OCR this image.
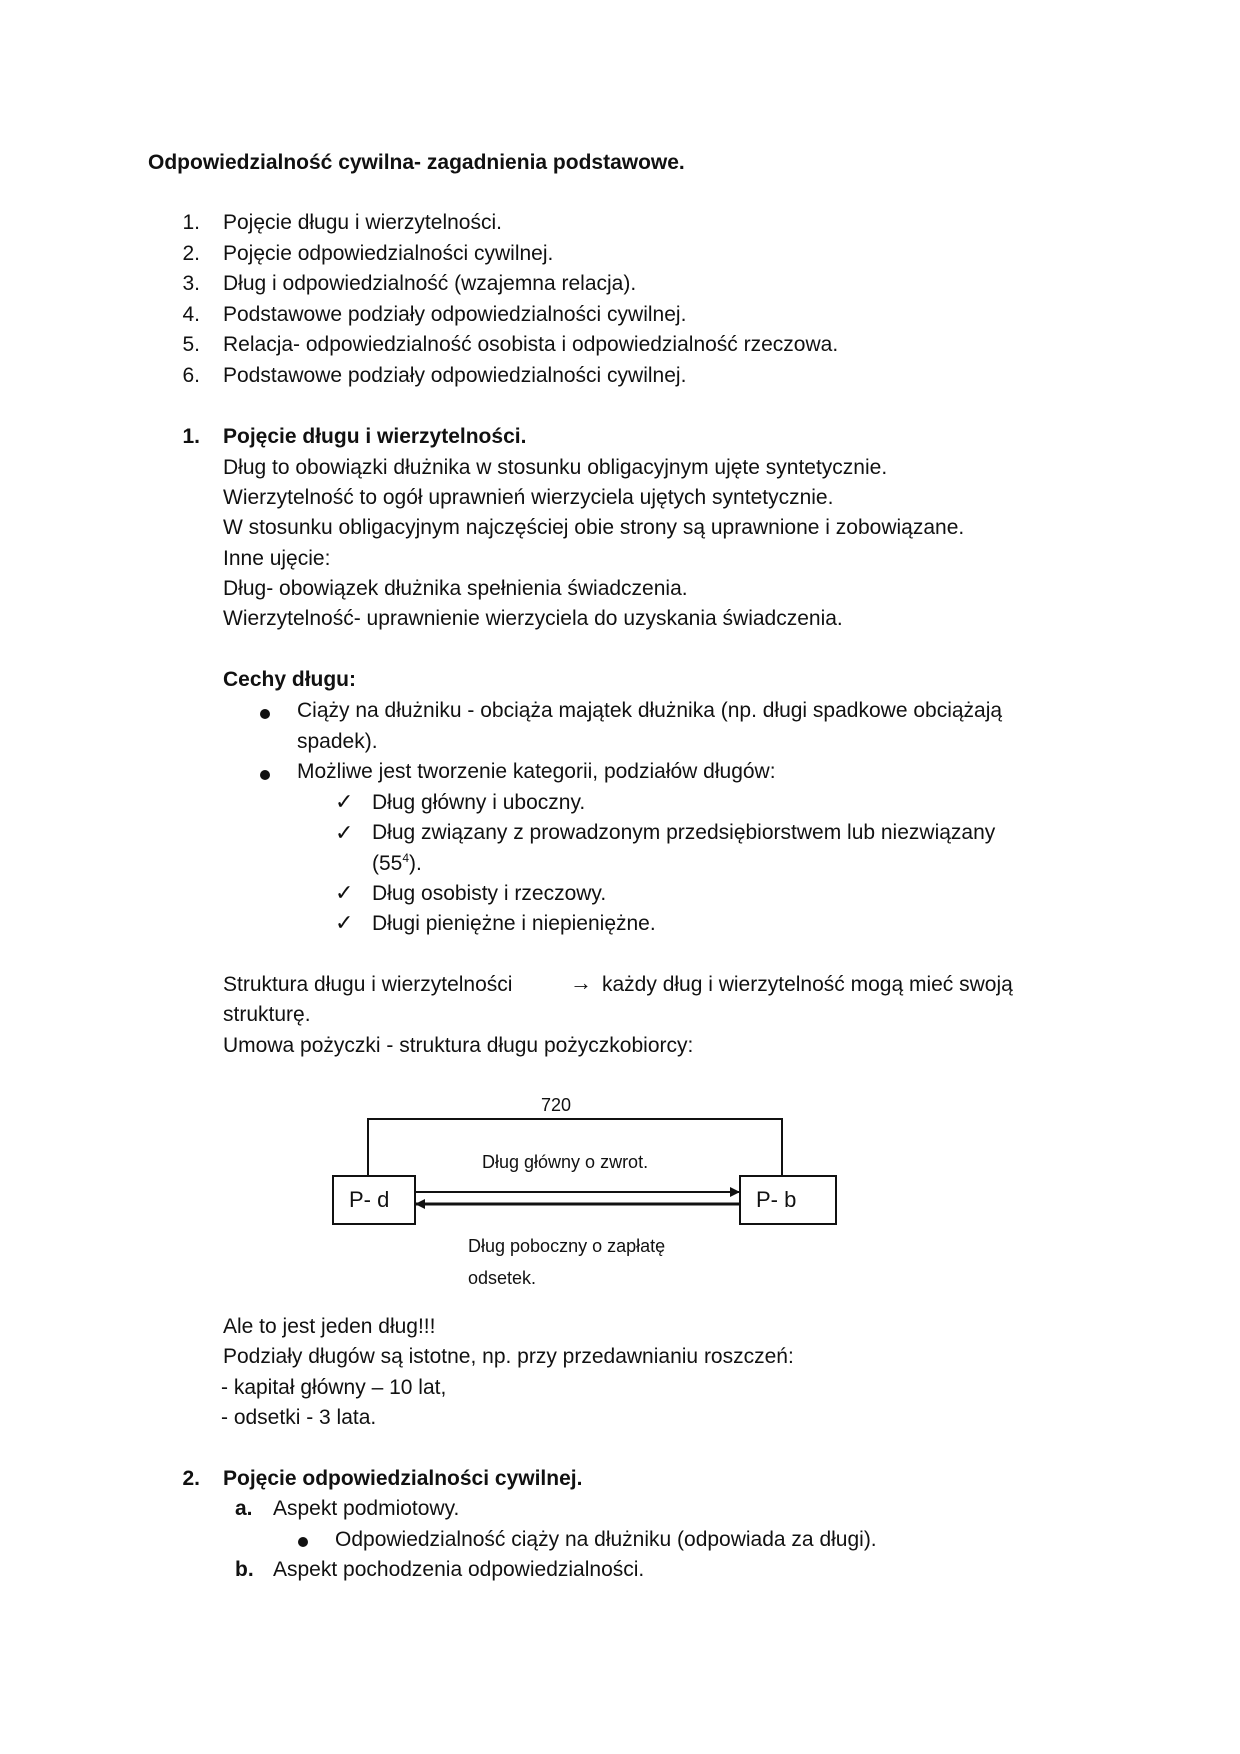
Odpowiedzialność cywilna- zagadnienia podstawowe.
1. Pojęcie długu i wierzytelności.
2. Pojęcie odpowiedzialności cywilnej.
3. Dług i odpowiedzialność (wzajemna relacja).
4. Podstawowe podziały odpowiedzialności cywilnej.
5. Relacja- odpowiedzialność osobista i odpowiedzialność rzeczowa.
6. Podstawowe podziały odpowiedzialności cywilnej.
1. Pojęcie długu i wierzytelności.
Dług to obowiązki dłużnika w stosunku obligacyjnym ujęte syntetycznie.
Wierzytelność to ogół uprawnień wierzyciela ujętych syntetycznie.
W stosunku obligacyjnym najczęściej obie strony są uprawnione i zobowiązane.
Inne ujęcie:
Dług- obowiązek dłużnika spełnienia świadczenia.
Wierzytelność- uprawnienie wierzyciela do uzyskania świadczenia.
Cechy długu:
Ciąży na dłużniku - obciąża majątek dłużnika (np. długi spadkowe obciążają
spadek).
Możliwe jest tworzenie kategorii, podziałów długów:
✓ Dług główny i uboczny.
✓ Dług związany z prowadzonym przedsiębiorstwem lub niezwiązany
$(55^4)$.
✓ Dług osobisty i rzeczowy.
✓ Długi pieniężne i niepieniężne.
Struktura długu i wierzytelności	→ każdy dług i wierzytelność mogą mieć swoją
strukturę.
Umowa pożyczki - struktura długu pożyczkobiorcy:
720
Dług główny o zwrot.
P- d	P- b
Dług poboczny o zapłatę
odsetek.
Ale to jest jeden dług!!!
Podziały długów są istotne, np. przy przedawnianiu roszczeń:
- kapitał główny – 10 lat,
- odsetki - 3 lata.
2. Pojęcie odpowiedzialności cywilnej.
a. Aspekt podmiotowy.
Odpowiedzialność ciąży na dłużniku (odpowiada za długi).
b. Aspekt pochodzenia odpowiedzialności.
